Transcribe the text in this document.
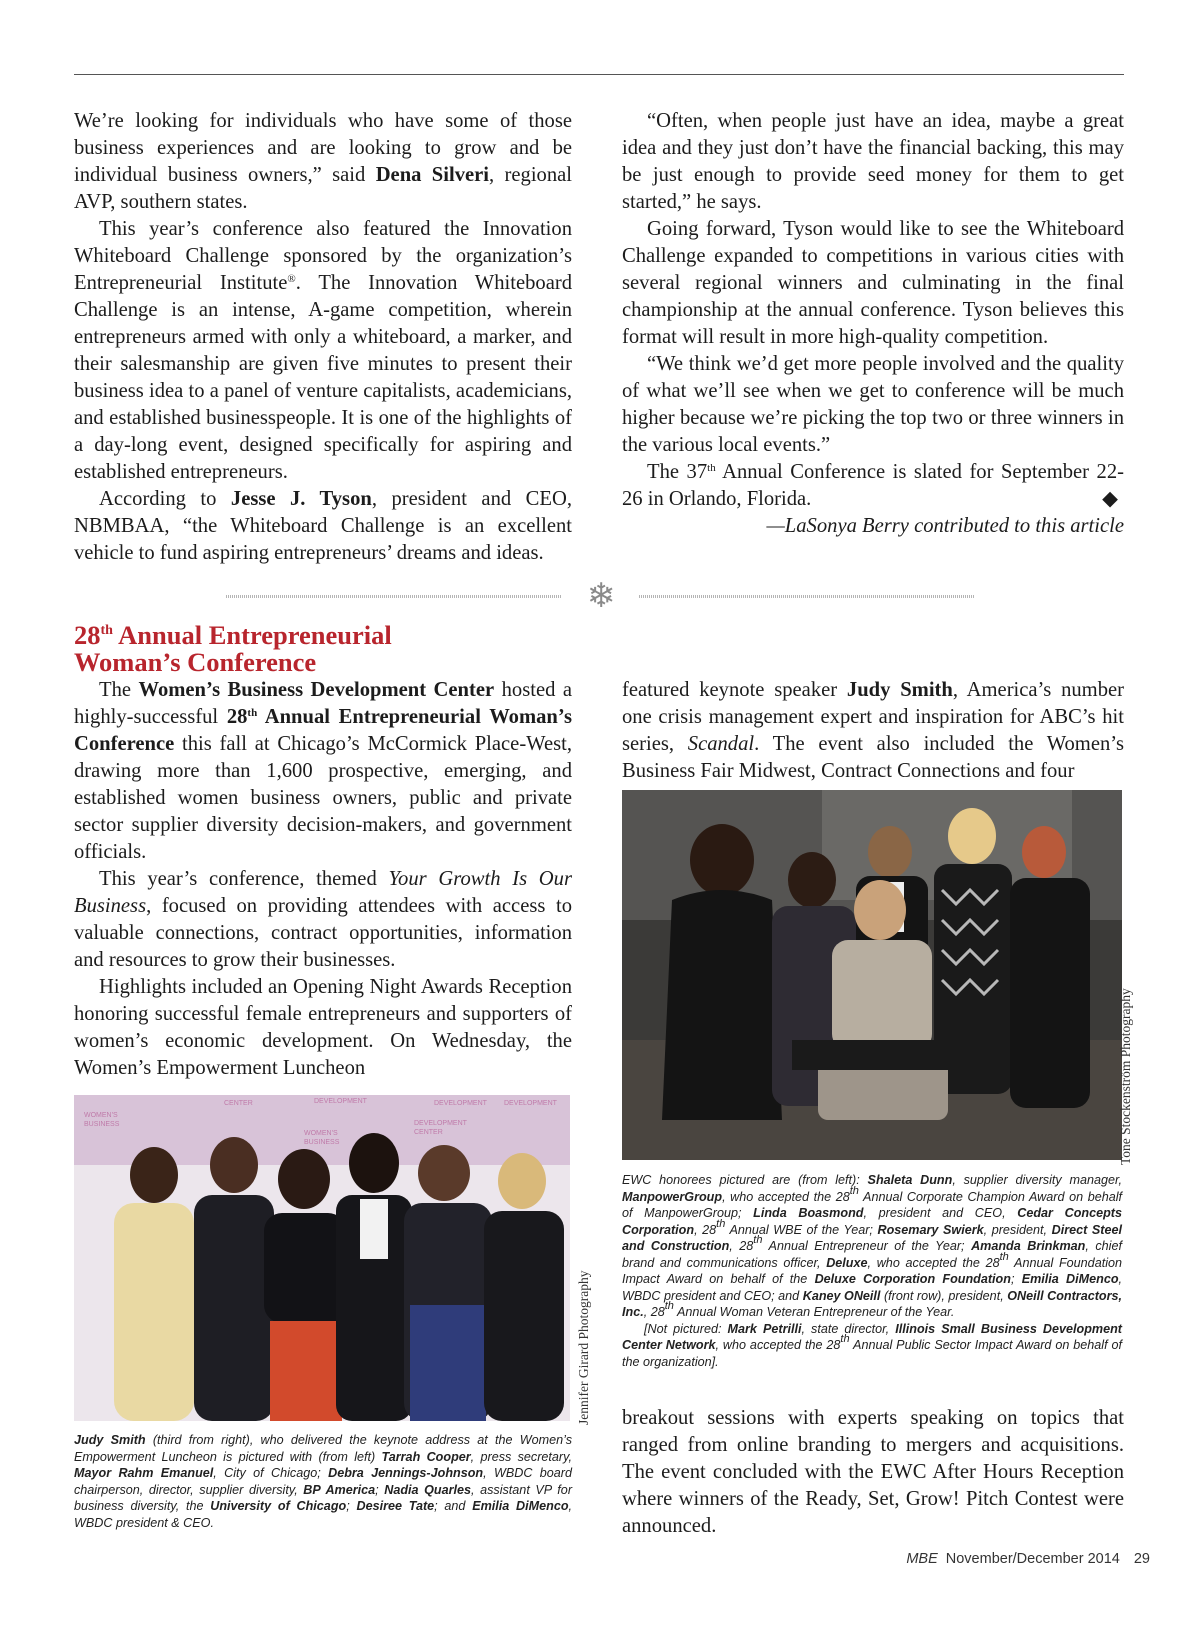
We’re looking for individuals who have some of those business experiences and are looking to grow and be individual business owners,” said Dena Silveri, regional AVP, southern states.

This year’s conference also featured the Innovation Whiteboard Challenge sponsored by the organization’s Entrepreneurial Institute®. The Innovation Whiteboard Challenge is an intense, A-game competition, wherein entrepreneurs armed with only a whiteboard, a marker, and their salesmanship are given five minutes to present their business idea to a panel of venture capitalists, academicians, and established businesspeople. It is one of the highlights of a day-long event, designed specifically for aspiring and established entrepreneurs.

According to Jesse J. Tyson, president and CEO, NBMBAA, “the Whiteboard Challenge is an excellent vehicle to fund aspiring entrepreneurs’ dreams and ideas.

“Often, when people just have an idea, maybe a great idea and they just don’t have the financial backing, this may be just enough to provide seed money for them to get started,” he says.

Going forward, Tyson would like to see the Whiteboard Challenge expanded to competitions in various cities with several regional winners and culminating in the final championship at the annual conference. Tyson believes this format will result in more high-quality competition.

“We think we’d get more people involved and the quality of what we’ll see when we get to conference will be much higher because we’re picking the top two or three winners in the various local events.”

The 37th Annual Conference is slated for September 22-26 in Orlando, Florida.	◆

—LaSonya Berry contributed to this article

❄
28th Annual Entrepreneurial
Woman’s Conference

The Women’s Business Development Center hosted a highly-successful 28th Annual Entrepreneurial Woman’s Conference this fall at Chicago’s McCormick Place-West, drawing more than 1,600 prospective, emerging, and established women business owners, public and private sector supplier diversity decision-makers, and government officials.

This year’s conference, themed Your Growth Is Our Business, focused on providing attendees with access to valuable connections, contract opportunities, information and resources to grow their businesses.

Highlights included an Opening Night Awards Reception honoring successful female entrepreneurs and supporters of women’s economic development. On Wednesday, the Women’s Empowerment Luncheon

featured keynote speaker Judy Smith, America’s number one crisis management expert and inspiration for ABC’s hit series, Scandal. The event also included the Women’s Business Fair Midwest, Contract Connections and four

WOMEN'S
BUSINESS
CENTER	DEVELOPMENT	DEVELOPMENT DEVELOPMENT
WOMEN'S
BUSINESS
DEVELOPMENT
CENTER
Jennifer Girard Photography
Judy Smith (third from right), who delivered the keynote address at the Women’s Empowerment Luncheon is pictured with (from left) Tarrah Cooper, press secretary, Mayor Rahm Emanuel, City of Chicago; Debra Jennings-Johnson, WBDC board chairperson, director, supplier diversity, BP America; Nadia Quarles, assistant VP for business diversity, the University of Chicago; Desiree Tate; and Emilia DiMenco, WBDC president & CEO.
Tone Stockenström Photography

EWC honorees pictured are (from left): Shaleta Dunn, supplier diversity manager, ManpowerGroup, who accepted the 28th Annual Corporate Champion Award on behalf of ManpowerGroup; Linda Boasmond, president and CEO, Cedar Concepts Corporation, 28th Annual WBE of the Year; Rosemary Swierk, president, Direct Steel and Construction, 28th Annual Entrepreneur of the Year; Amanda Brinkman, chief brand and communications officer, Deluxe, who accepted the 28th Annual Foundation Impact Award on behalf of the Deluxe Corporation Foundation; Emilia DiMenco, WBDC president and CEO; and Kaney ONeill (front row), president, ONeill Contractors, Inc., 28th Annual Woman Veteran Entrepreneur of the Year.

[Not pictured: Mark Petrilli, state director, Illinois Small Business Development Center Network, who accepted the 28th Annual Public Sector Impact Award on behalf of the organization].

breakout sessions with experts speaking on topics that ranged from online branding to mergers and acquisitions. The event concluded with the EWC After Hours Reception where winners of the Ready, Set, Grow! Pitch Contest were announced.

MBE November/December 2014 29
